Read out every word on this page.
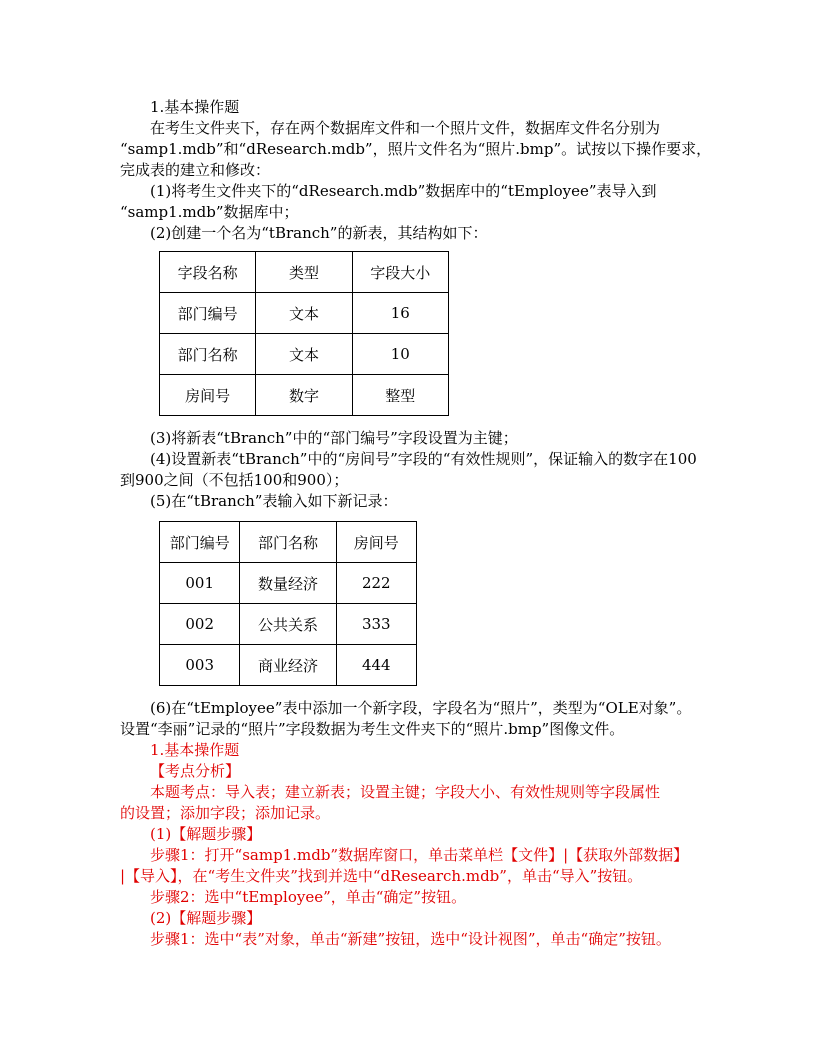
1.基本操作题
在考生文件夹下，存在两个数据库文件和一个照片文件，数据库文件名分别为
“samp1.mdb”和“dResearch.mdb”，照片文件名为“照片.bmp”。试按以下操作要求，
完成表的建立和修改：
(1)将考生文件夹下的“dResearch.mdb”数据库中的“tEmployee”表导入到
“samp1.mdb”数据库中；
(2)创建一个名为“tBranch”的新表，其结构如下：
字段名称	类型	字段大小
部门编号	文本	16
部门名称	文本	10
房间号	数字	整型
(3)将新表“tBranch”中的“部门编号”字段设置为主键；
(4)设置新表“tBranch”中的“房间号”字段的“有效性规则”，保证输入的数字在100
到900之间（不包括100和900）；
(5)在“tBranch”表输入如下新记录：
部门编号	部门名称	房间号
001	数量经济	222
002	公共关系	333
003	商业经济	444
(6)在“tEmployee”表中添加一个新字段，字段名为“照片”，类型为“OLE对象”。
设置“李丽”记录的“照片”字段数据为考生文件夹下的“照片.bmp”图像文件。
1.基本操作题
【考点分析】
本题考点：导入表；建立新表；设置主键；字段大小、有效性规则等字段属性
的设置；添加字段；添加记录。
(1)【解题步骤】
步骤1：打开“samp1.mdb”数据库窗口，单击菜单栏【文件】|【获取外部数据】
|【导入】，在“考生文件夹”找到并选中“dResearch.mdb”，单击“导入”按钮。
步骤2：选中“tEmployee”，单击“确定”按钮。
(2)【解题步骤】
步骤1：选中“表”对象，单击“新建”按钮，选中“设计视图”，单击“确定”按钮。
